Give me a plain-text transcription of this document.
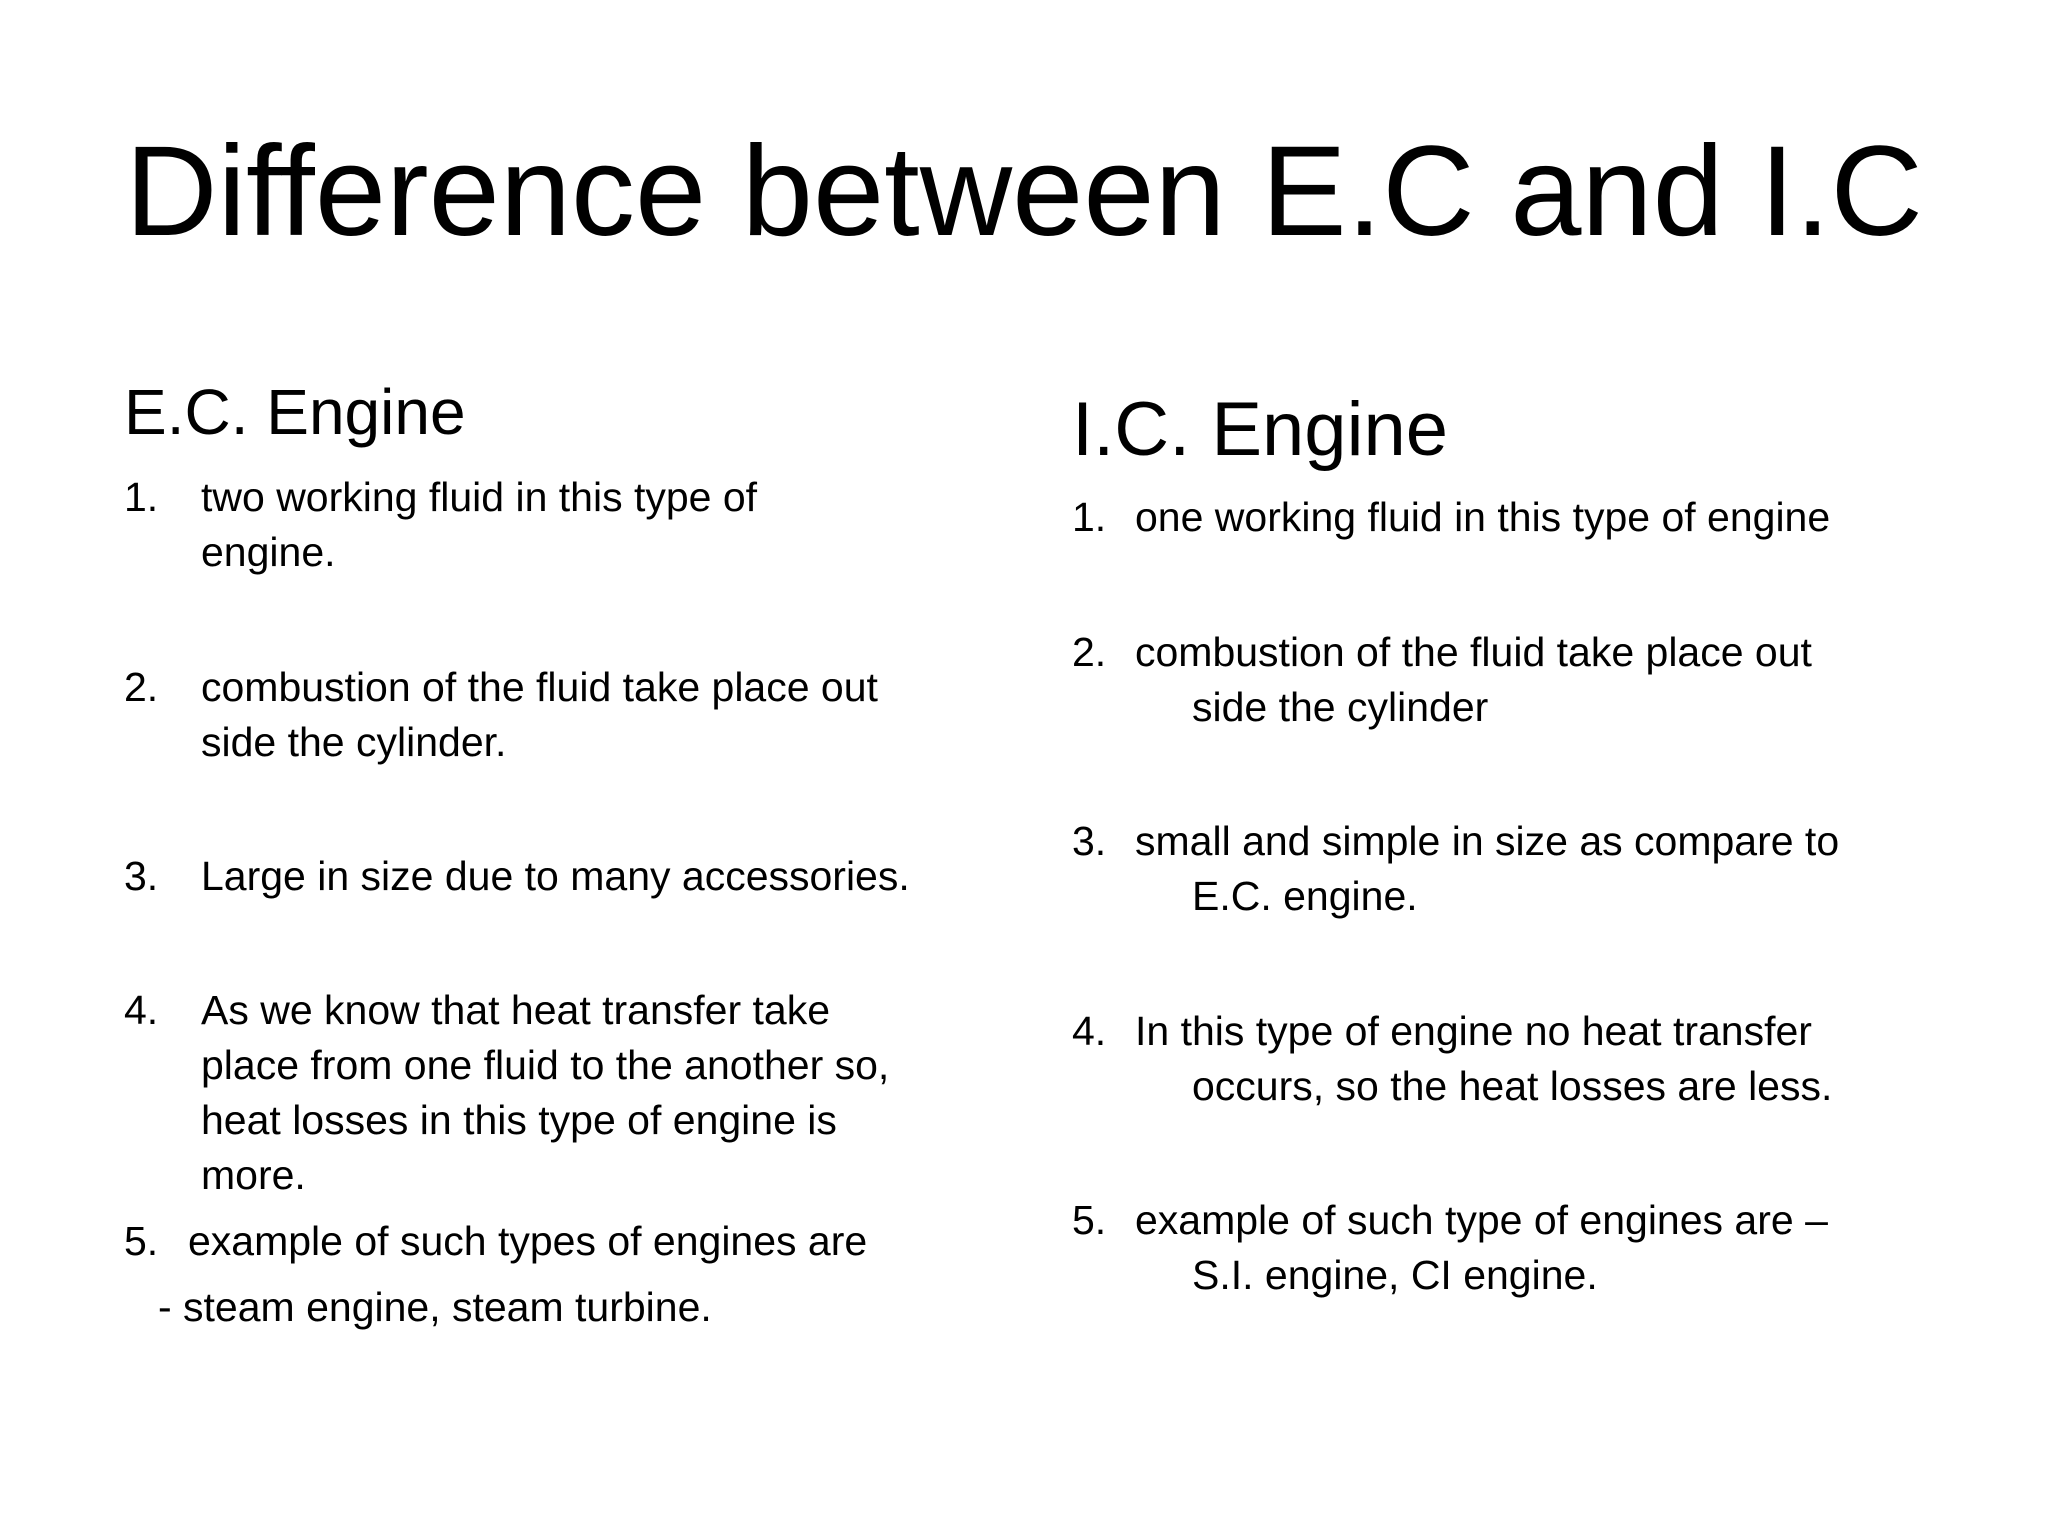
Difference between E.C and I.C
E.C. Engine
1. two working fluid in this type of
engine.
2. combustion of the fluid take place out
side the cylinder.
3. Large in size due to many accessories.
4. As we know that heat transfer take
place from one fluid to the another so,
heat losses in this type of engine is
more.
5. example of such types of engines are
- steam engine, steam turbine.
I.C. Engine
1. one working fluid in this type of engine
2. combustion of the fluid take place out
side the cylinder
3. small and simple in size as compare to
E.C. engine.
4. In this type of engine no heat transfer
occurs, so the heat losses are less.
5. example of such type of engines are –
S.I. engine, CI engine.
